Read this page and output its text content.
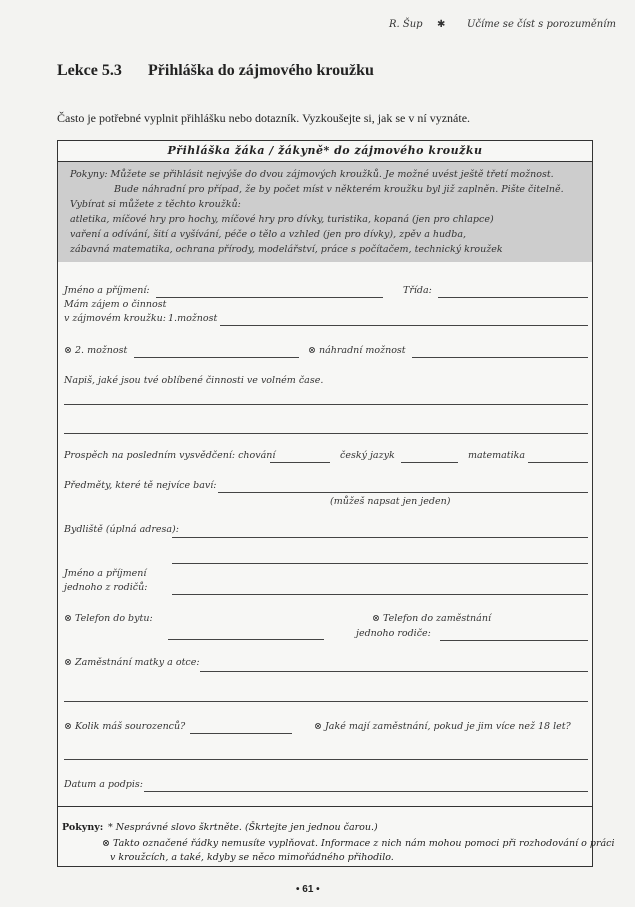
R. Šup ✱ Učíme se číst s porozuměním
Lekce 5.3 Přihláška do zájmového kroužku
Často je potřebné vyplnit přihlášku nebo dotazník. Vyzkoušejte si, jak se v ní vyznáte.
Přihláška žáka / žákyně* do zájmového kroužku
Pokyny: Můžete se přihlásit nejvýše do dvou zájmových kroužků. Je možné uvést ještě třetí možnost.
Bude náhradní pro případ, že by počet míst v některém kroužku byl již zaplněn. Pište čitelně.
Vybírat si můžete z těchto kroužků:
atletika, míčové hry pro hochy, míčové hry pro dívky, turistika, kopaná (jen pro chlapce)
vaření a odívání, šití a vyšívání, péče o tělo a vzhled (jen pro dívky), zpěv a hudba,
zábavná matematika, ochrana přírody, modelářství, práce s počítačem, technický kroužek
Jméno a příjmení:	Třída:
Mám zájem o činnost
v zájmovém kroužku: 1.možnost
⊗ 2. možnost	⊗ náhradní možnost
Napiš, jaké jsou tvé oblíbené činnosti ve volném čase.
Prospěch na posledním vysvědčení: chování	český jazyk	matematika
Předměty, které tě nejvíce baví:
(můžeš napsat jen jeden)
Bydliště (úplná adresa):
Jméno a příjmení
jednoho z rodičů:
⊗ Telefon do bytu:	⊗ Telefon do zaměstnání
jednoho rodiče:
⊗ Zaměstnání matky a otce:
⊗ Kolik máš sourozenců?	⊗ Jaké mají zaměstnání, pokud je jim více než 18 let?
Datum a podpis:
Pokyny: * Nesprávné slovo škrtněte. (Škrtejte jen jednou čarou.)
⊗ Takto označené řádky nemusíte vyplňovat. Informace z nich nám mohou pomoci při rozhodování o práci
v kroužcích, a také, kdyby se něco mimořádného přihodilo.
• 61 •
